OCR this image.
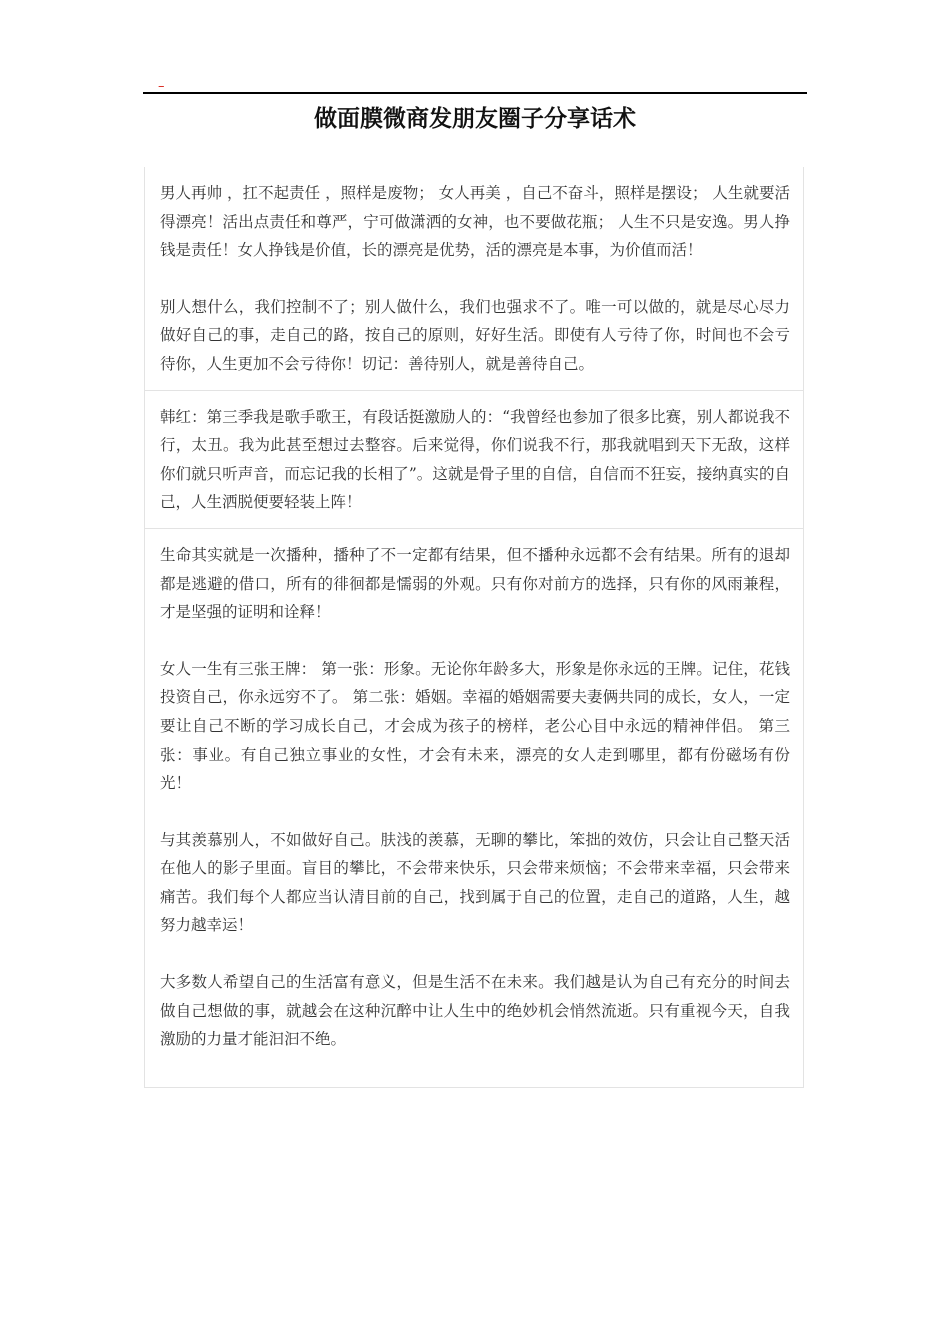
–
做面膜微商发朋友圈子分享话术

男人再帅 ，扛不起责任 ，照样是废物； 女人再美 ，自己不奋斗，照样是摆设； 人生就要活得漂亮！活出点责任和尊严，宁可做潇洒的女神，也不要做花瓶； 人生不只是安逸。男人挣钱是责任！女人挣钱是价值，长的漂亮是优势，活的漂亮是本事，为价值而活！

别人想什么，我们控制不了；别人做什么，我们也强求不了。唯一可以做的，就是尽心尽力做好自己的事，走自己的路，按自己的原则，好好生活。即使有人亏待了你，时间也不会亏待你，人生更加不会亏待你！切记：善待别人，就是善待自己。

韩红：第三季我是歌手歌王，有段话挺激励人的：“我曾经也参加了很多比赛，别人都说我不行，太丑。我为此甚至想过去整容。后来觉得，你们说我不行，那我就唱到天下无敌，这样你们就只听声音，而忘记我的长相了”。这就是骨子里的自信，自信而不狂妄，接纳真实的自己，人生洒脱便要轻装上阵！

生命其实就是一次播种，播种了不一定都有结果，但不播种永远都不会有结果。所有的退却都是逃避的借口，所有的徘徊都是懦弱的外观。只有你对前方的选择，只有你的风雨兼程，才是坚强的证明和诠释！

女人一生有三张王牌： 第一张：形象。无论你年龄多大，形象是你永远的王牌。记住，花钱投资自己，你永远穷不了。 第二张：婚姻。幸福的婚姻需要夫妻俩共同的成长，女人，一定要让自己不断的学习成长自己，才会成为孩子的榜样，老公心目中永远的精神伴侣。 第三张：事业。有自己独立事业的女性，才会有未来，漂亮的女人走到哪里，都有份磁场有份光！

与其羡慕别人，不如做好自己。肤浅的羡慕，无聊的攀比，笨拙的效仿，只会让自己整天活在他人的影子里面。盲目的攀比，不会带来快乐，只会带来烦恼；不会带来幸福，只会带来痛苦。我们每个人都应当认清目前的自己，找到属于自己的位置，走自己的道路，人生，越努力越幸运！

大多数人希望自己的生活富有意义，但是生活不在未来。我们越是认为自己有充分的时间去做自己想做的事，就越会在这种沉醉中让人生中的绝妙机会悄然流逝。只有重视今天，自我激励的力量才能汩汩不绝。
